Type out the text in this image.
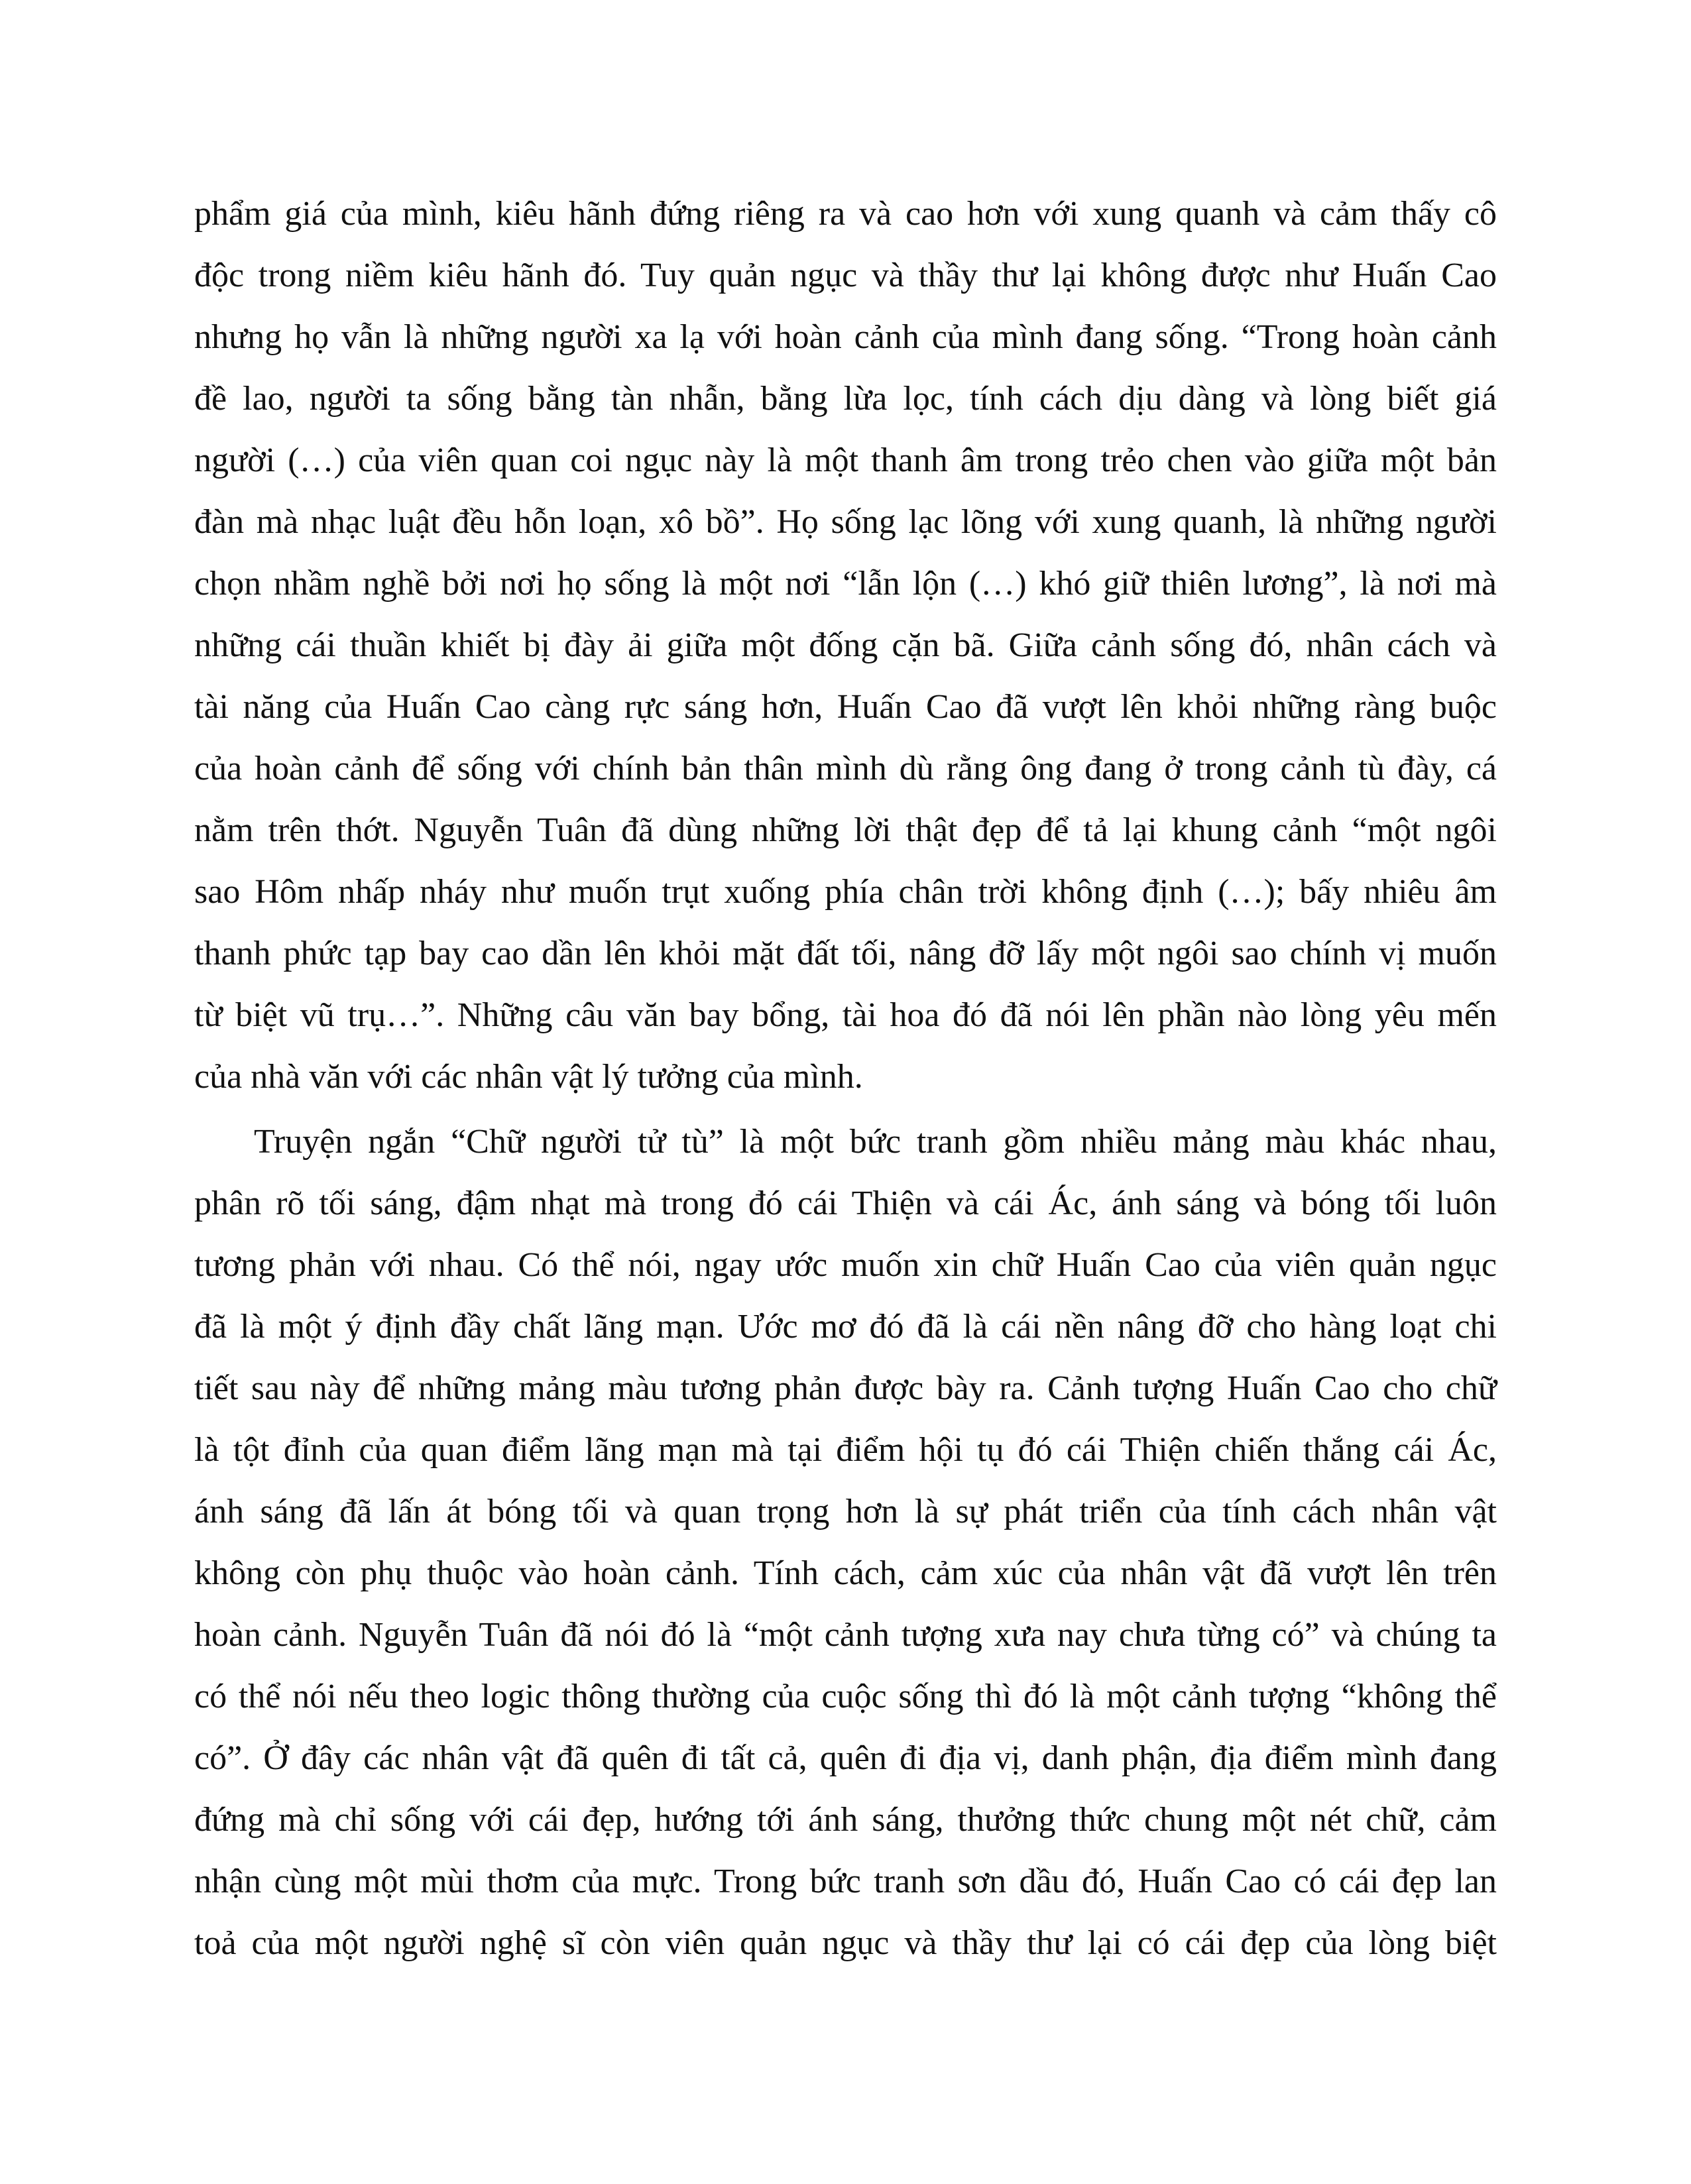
phẩm giá của mình, kiêu hãnh đứng riêng ra và cao hơn với xung quanh và cảm thấy cô
độc trong niềm kiêu hãnh đó. Tuy quản ngục và thầy thư lại không được như Huấn Cao
nhưng họ vẫn là những người xa lạ với hoàn cảnh của mình đang sống. “Trong hoàn cảnh
đề lao, người ta sống bằng tàn nhẫn, bằng lừa lọc, tính cách dịu dàng và lòng biết giá
người (…) của viên quan coi ngục này là một thanh âm trong trẻo chen vào giữa một bản
đàn mà nhạc luật đều hỗn loạn, xô bồ”. Họ sống lạc lõng với xung quanh, là những người
chọn nhầm nghề bởi nơi họ sống là một nơi “lẫn lộn (…) khó giữ thiên lương”, là nơi mà
những cái thuần khiết bị đày ải giữa một đống cặn bã. Giữa cảnh sống đó, nhân cách và
tài năng của Huấn Cao càng rực sáng hơn, Huấn Cao đã vượt lên khỏi những ràng buộc
của hoàn cảnh để sống với chính bản thân mình dù rằng ông đang ở trong cảnh tù đày, cá
nằm trên thớt. Nguyễn Tuân đã dùng những lời thật đẹp để tả lại khung cảnh “một ngôi
sao Hôm nhấp nháy như muốn trụt xuống phía chân trời không định (…); bấy nhiêu âm
thanh phức tạp bay cao dần lên khỏi mặt đất tối, nâng đỡ lấy một ngôi sao chính vị muốn
từ biệt vũ trụ…”. Những câu văn bay bổng, tài hoa đó đã nói lên phần nào lòng yêu mến
của nhà văn với các nhân vật lý tưởng của mình.
Truyện ngắn “Chữ người tử tù” là một bức tranh gồm nhiều mảng màu khác nhau,
phân rõ tối sáng, đậm nhạt mà trong đó cái Thiện và cái Ác, ánh sáng và bóng tối luôn
tương phản với nhau. Có thể nói, ngay ước muốn xin chữ Huấn Cao của viên quản ngục
đã là một ý định đầy chất lãng mạn. Ước mơ đó đã là cái nền nâng đỡ cho hàng loạt chi
tiết sau này để những mảng màu tương phản được bày ra. Cảnh tượng Huấn Cao cho chữ
là tột đỉnh của quan điểm lãng mạn mà tại điểm hội tụ đó cái Thiện chiến thắng cái Ác,
ánh sáng đã lấn át bóng tối và quan trọng hơn là sự phát triển của tính cách nhân vật
không còn phụ thuộc vào hoàn cảnh. Tính cách, cảm xúc của nhân vật đã vượt lên trên
hoàn cảnh. Nguyễn Tuân đã nói đó là “một cảnh tượng xưa nay chưa từng có” và chúng ta
có thể nói nếu theo logic thông thường của cuộc sống thì đó là một cảnh tượng “không thể
có”. Ở đây các nhân vật đã quên đi tất cả, quên đi địa vị, danh phận, địa điểm mình đang
đứng mà chỉ sống với cái đẹp, hướng tới ánh sáng, thưởng thức chung một nét chữ, cảm
nhận cùng một mùi thơm của mực. Trong bức tranh sơn dầu đó, Huấn Cao có cái đẹp lan
toả của một người nghệ sĩ còn viên quản ngục và thầy thư lại có cái đẹp của lòng biệt
